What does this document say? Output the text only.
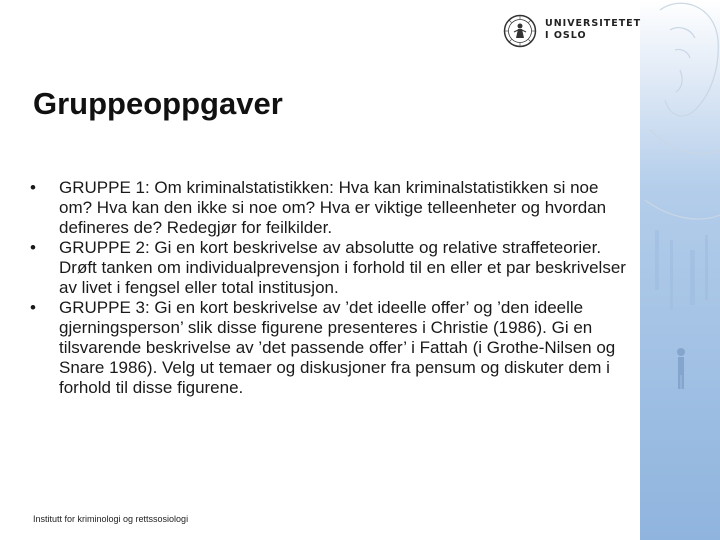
UNIVERSITETET
I OSLO
Gruppeoppgaver
• GRUPPE 1: Om kriminalstatistikken: Hva kan kriminalstatistikken si noe om? Hva kan den ikke si noe om? Hva er viktige telleenheter og hvordan defineres de? Redegjør for feilkilder.
• GRUPPE 2: Gi en kort beskrivelse av absolutte og relative straffeteorier. Drøft tanken om individualprevensjon i forhold til en eller et par beskrivelser av livet i fengsel eller total institusjon.
• GRUPPE 3: Gi en kort beskrivelse av ’det ideelle offer’ og ’den ideelle gjerningsperson’ slik disse figurene presenteres i Christie (1986). Gi en tilsvarende beskrivelse av ’det passende offer’ i Fattah (i Grothe-Nilsen og Snare 1986). Velg ut temaer og diskusjoner fra pensum og diskuter dem i forhold til disse figurene.
Institutt for kriminologi og rettssosiologi
